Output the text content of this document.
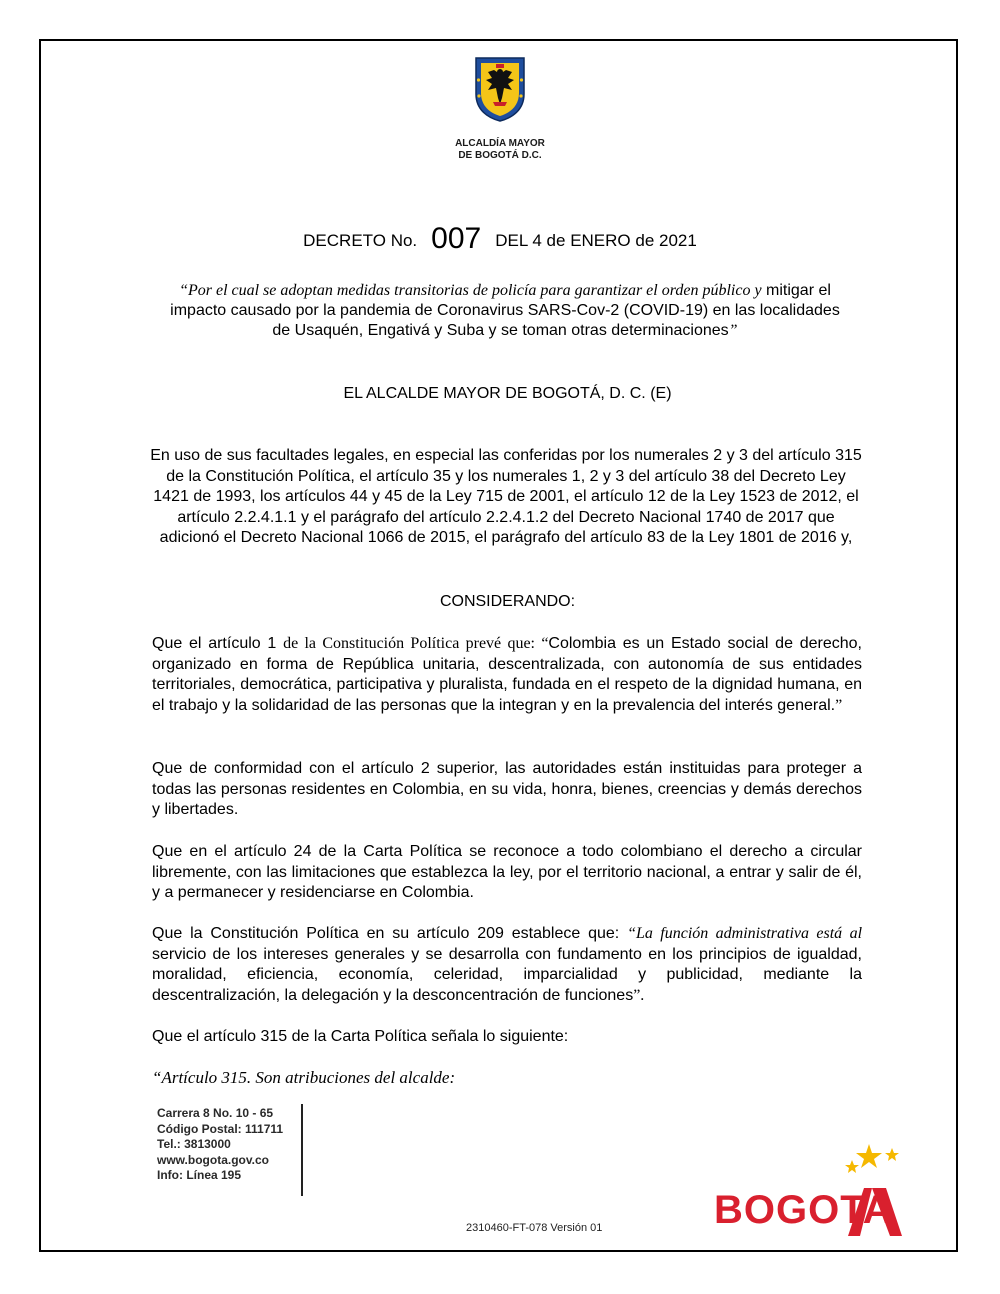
ALCALDÍA MAYOR
DE BOGOTÁ D.C.
DECRETO No. 007 DEL 4 de ENERO de 2021
“Por el cual se adoptan medidas transitorias de policía para garantizar el orden público y mitigar el impacto causado por la pandemia de Coronavirus SARS-Cov-2 (COVID-19) en las localidades de Usaquén, Engativá y Suba y se toman otras determinaciones”
EL ALCALDE MAYOR DE BOGOTÁ, D. C. (E)
En uso de sus facultades legales, en especial las conferidas por los numerales 2 y 3 del artículo 315 de la Constitución Política, el artículo 35 y los numerales 1, 2 y 3 del artículo 38 del Decreto Ley 1421 de 1993, los artículos 44 y 45 de la Ley 715 de 2001, el artículo 12 de la Ley 1523 de 2012, el artículo 2.2.4.1.1 y el parágrafo del artículo 2.2.4.1.2 del Decreto Nacional 1740 de 2017 que adicionó el Decreto Nacional 1066 de 2015, el parágrafo del artículo 83 de la Ley 1801 de 2016 y,
CONSIDERANDO:
Que el artículo 1 de la Constitución Política prevé que: “Colombia es un Estado social de derecho, organizado en forma de República unitaria, descentralizada, con autonomía de sus entidades territoriales, democrática, participativa y pluralista, fundada en el respeto de la dignidad humana, en el trabajo y la solidaridad de las personas que la integran y en la prevalencia del interés general.”
Que de conformidad con el artículo 2 superior, las autoridades están instituidas para proteger a todas las personas residentes en Colombia, en su vida, honra, bienes, creencias y demás derechos y libertades.
Que en el artículo 24 de la Carta Política se reconoce a todo colombiano el derecho a circular libremente, con las limitaciones que establezca la ley, por el territorio nacional, a entrar y salir de él, y a permanecer y residenciarse en Colombia.
Que la Constitución Política en su artículo 209 establece que: “La función administrativa está al servicio de los intereses generales y se desarrolla con fundamento en los principios de igualdad, moralidad, eficiencia, economía, celeridad, imparcialidad y publicidad, mediante la descentralización, la delegación y la desconcentración de funciones”.
Que el artículo 315 de la Carta Política señala lo siguiente:
“Artículo 315. Son atribuciones del alcalde:
Carrera 8 No. 10 - 65
Código Postal: 111711
Tel.: 3813000
www.bogota.gov.co
Info: Línea 195
2310460-FT-078 Versión 01	BOGOTA
